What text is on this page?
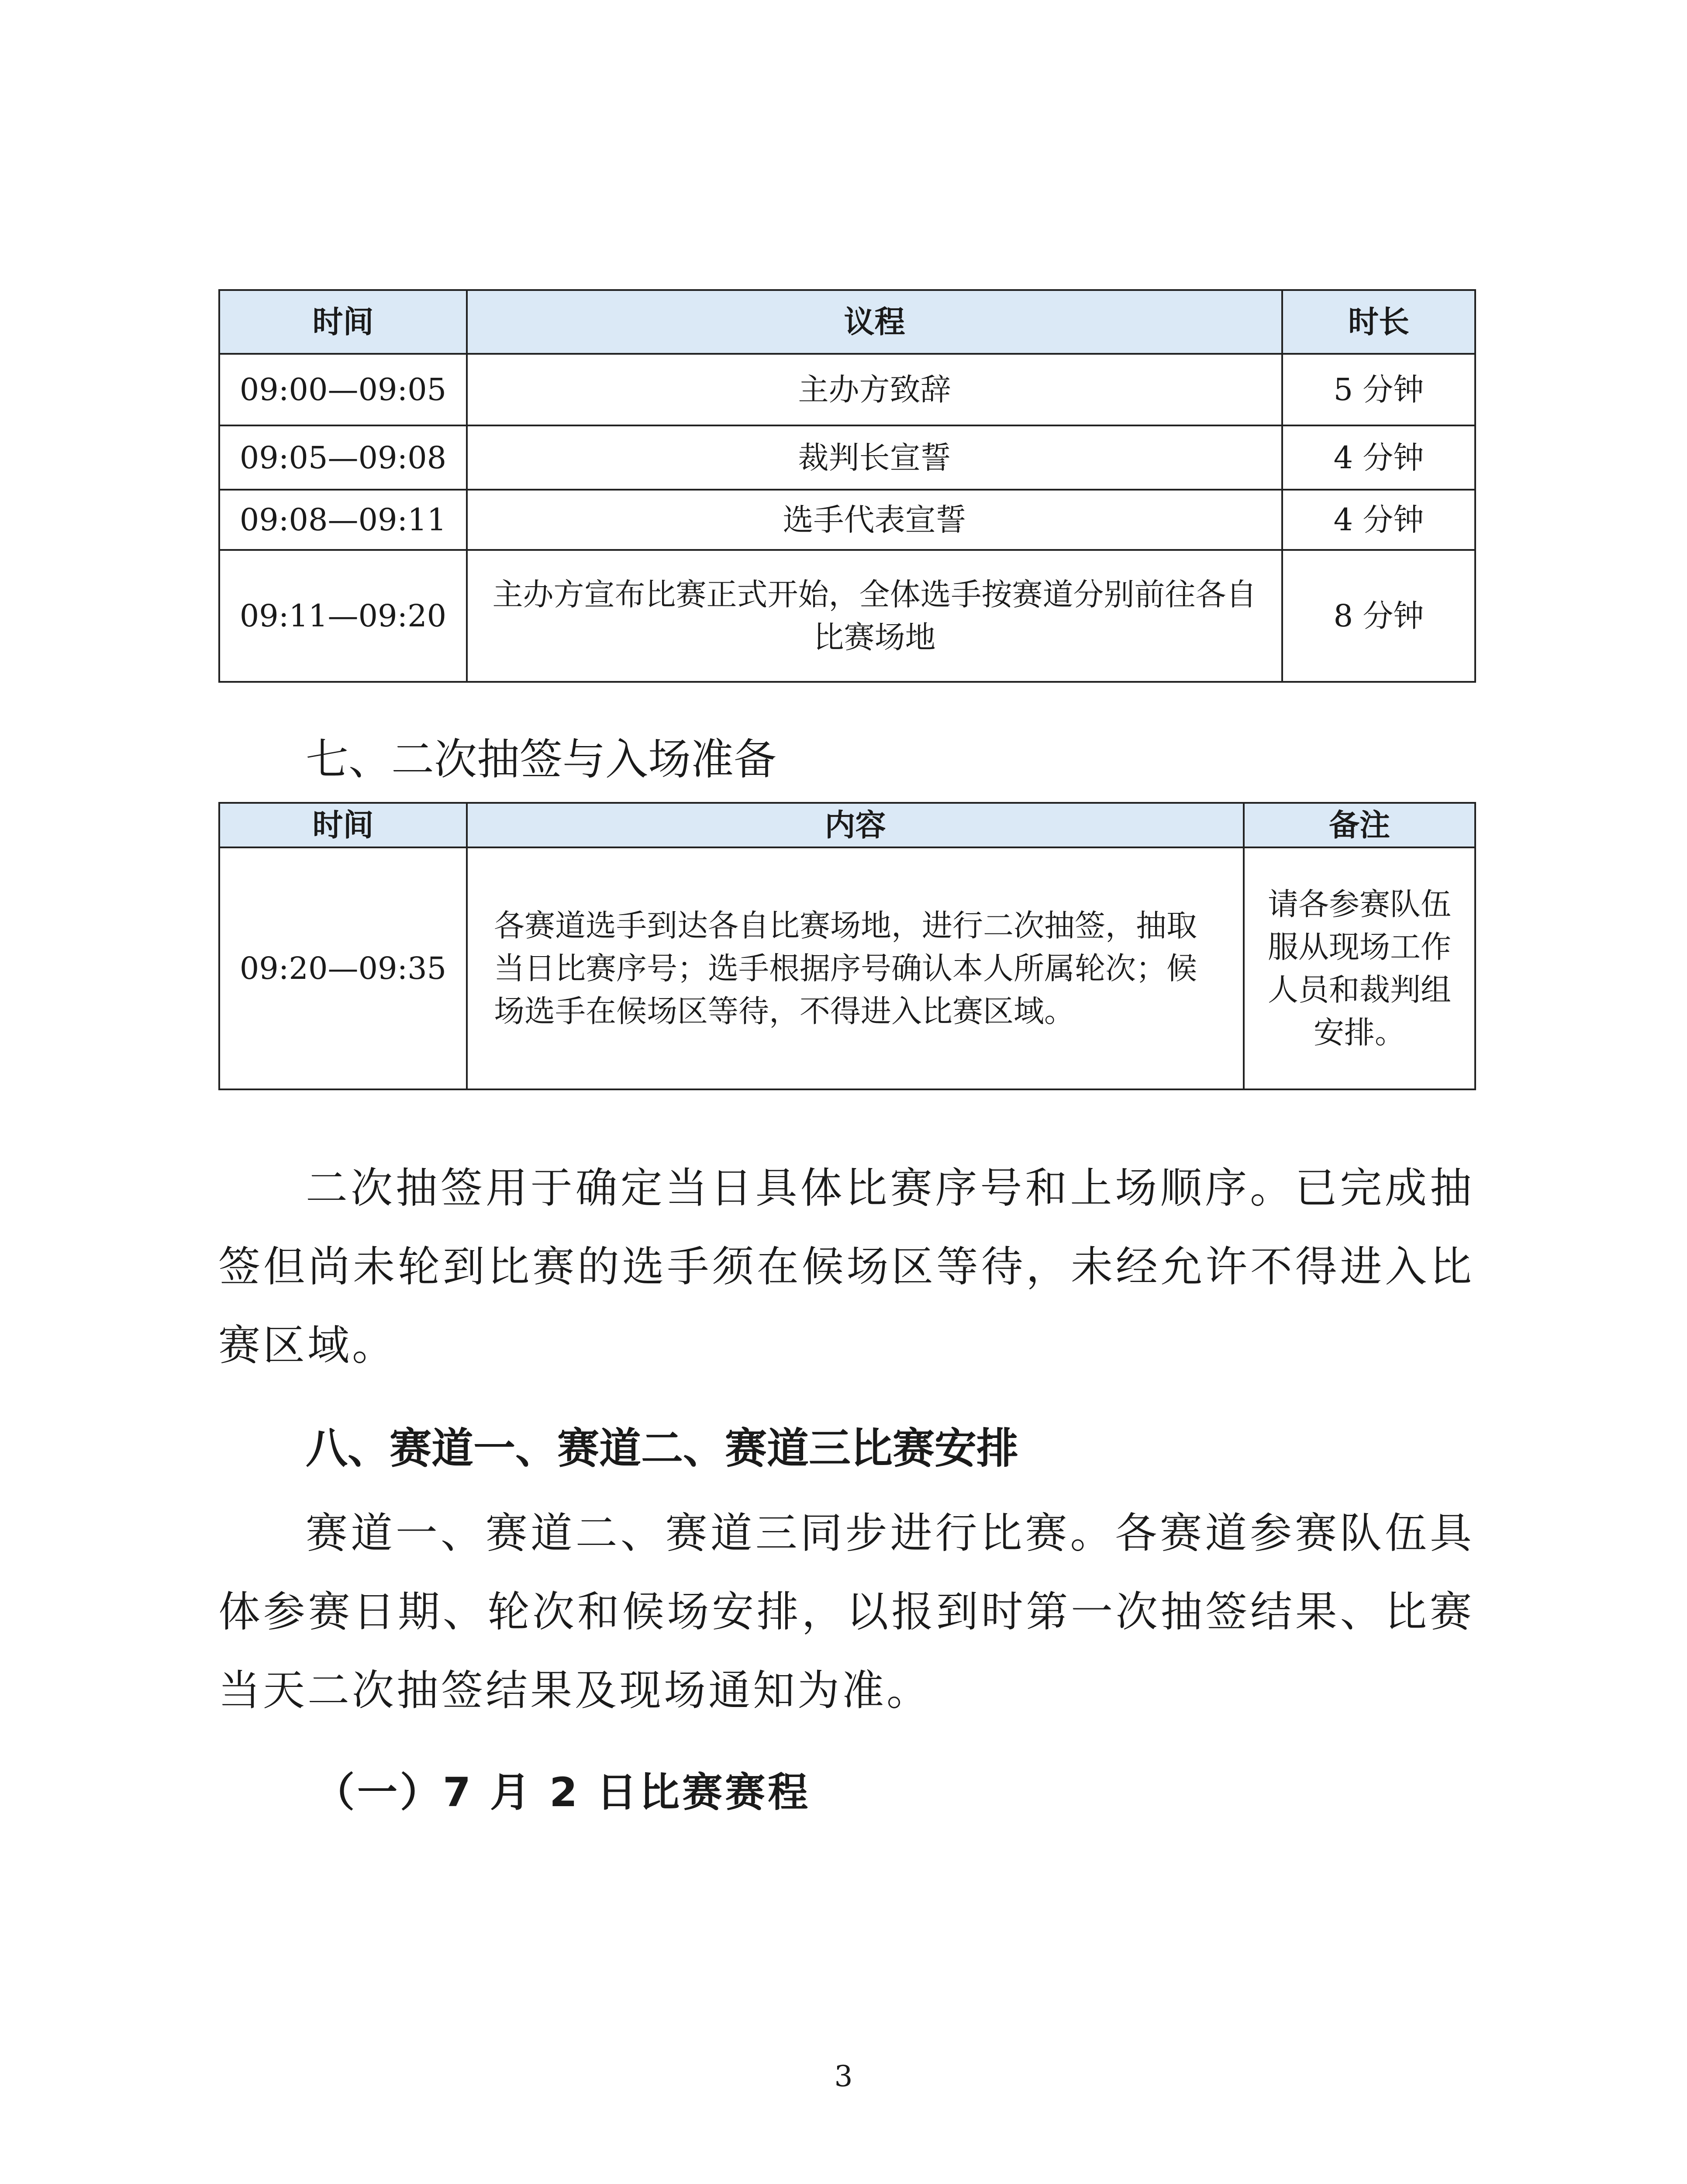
时间	议程	时长
09:00—09:05	主办方致辞	5 分钟
09:05—09:08	裁判长宣誓	4 分钟
09:08—09:11	选手代表宣誓	4 分钟
09:11—09:20	主办方宣布比赛正式开始，全体选手按赛道分别前往各自比赛场地	8 分钟
七、二次抽签与入场准备
时间	内容	备注
09:20—09:35	各赛道选手到达各自比赛场地，进行二次抽签，抽取当日比赛序号；选手根据序号确认本人所属轮次；候场选手在候场区等待，不得进入比赛区域。	请各参赛队伍服从现场工作人员和裁判组安排。

二次抽签用于确定当日具体比赛序号和上场顺序。已完成抽签但尚未轮到比赛的选手须在候场区等待，未经允许不得进入比赛区域。

八、赛道一、赛道二、赛道三比赛安排

赛道一、赛道二、赛道三同步进行比赛。各赛道参赛队伍具体参赛日期、轮次和候场安排，以报到时第一次抽签结果、比赛当天二次抽签结果及现场通知为准。

（一）7 月 2 日比赛赛程
3
